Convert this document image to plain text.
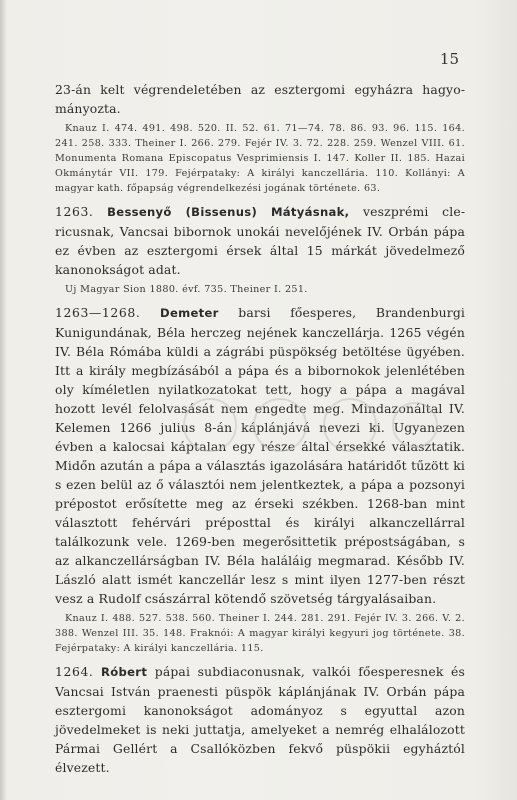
15

23-án kelt végrendeletében az esztergomi egyházra hagyományozta.

Knauz I. 474. 491. 498. 520. II. 52. 61. 71—74. 78. 86. 93. 96. 115. 164. 241. 258. 333. Theiner I. 266. 279. Fejér IV. 3. 72. 228. 259. Wenzel VIII. 61. Monumenta Romana Episcopatus Vesprimiensis I. 147. Koller II. 185. Hazai Okmánytár VII. 179. Fejérpataky: A királyi kanczellária. 110. Kollányi: A magyar kath. főpapság végrendelkezési jogának története. 63.

1263. Bessenyő (Bissenus) Mátyásnak, veszprémi clericusnak, Vancsai bibornok unokái nevelőjének IV. Orbán pápa ez évben az esztergomi érsek által 15 márkát jövedelmező kanonokságot adat.

Uj Magyar Sion 1880. évf. 735. Theiner I. 251.

1263—1268. Demeter barsi főesperes, Brandenburgi Kunigundának, Béla herczeg nejének kanczellárja. 1265 végén IV. Béla Rómába küldi a zágrábi püspökség betöltése ügyében. Itt a király megbízásából a pápa és a bibornokok jelenlétében oly kíméletlen nyilatkozatokat tett, hogy a pápa a magával hozott levél felolvasását nem engedte meg. Mindazonáltal IV. Kelemen 1266 julius 8-án káplánjává nevezi ki. Ugyanezen évben a kalocsai káptalan egy része által érsekké választatik. Midőn azután a pápa a választás igazolására határidőt tűzött ki s ezen belül az ő választói nem jelentkeztek, a pápa a pozsonyi prépostot erősítette meg az érseki székben. 1268-ban mint választott fehérvári préposttal és királyi alkanczellárral találkozunk vele. 1269-ben megerősittetik prépostságában, s az alkanczellárságban IV. Béla haláláig megmarad. Később IV. László alatt ismét kanczellár lesz s mint ilyen 1277-ben részt vesz a Rudolf császárral kötendő szövetség tárgyalásaiban.

Knauz I. 488. 527. 538. 560. Theiner I. 244. 281. 291. Fejér IV. 3. 266. V. 2. 388. Wenzel III. 35. 148. Fraknói: A magyar királyi kegyuri jog története. 38. Fejérpataky: A királyi kanczellária. 115.

1264. Róbert pápai subdiaconusnak, valkói főesperesnek és Vancsai István praenesti püspök káplánjának IV. Orbán pápa esztergomi kanonokságot adományoz s egyuttal azon jövedelmeket is neki juttatja, amelyeket a nemrég elhalálozott Pármai Gellért a Csallóközben fekvő püspökii egyháztól élvezett.
